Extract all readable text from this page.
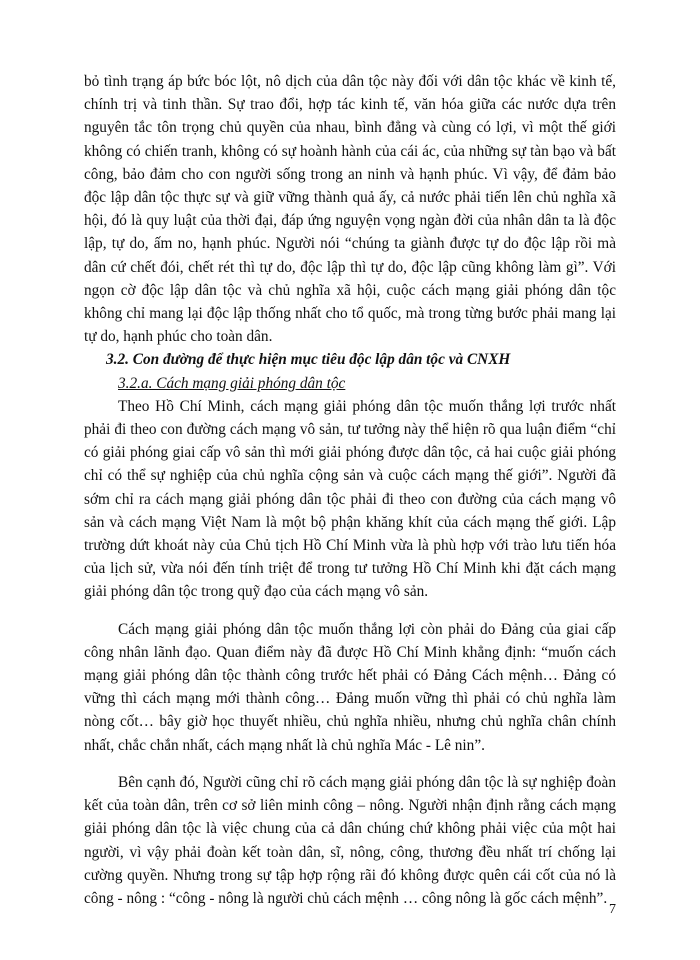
bỏ tình trạng áp bức bóc lột, nô dịch của dân tộc này đối với dân tộc khác về kinh tế, chính trị và tinh thần. Sự trao đổi, hợp tác kinh tế, văn hóa giữa các nước dựa trên nguyên tắc tôn trọng chủ quyền của nhau, bình đẳng và cùng có lợi, vì một thế giới không có chiến tranh, không có sự hoành hành của cái ác, của những sự tàn bạo và bất công, bảo đảm cho con người sống trong an ninh và hạnh phúc. Vì vậy, để đảm bảo độc lập dân tộc thực sự và giữ vững thành quả ấy, cả nước phải tiến lên chủ nghĩa xã hội, đó là quy luật của thời đại, đáp ứng nguyện vọng ngàn đời của nhân dân ta là độc lập, tự do, ấm no, hạnh phúc. Người nói “chúng ta giành được tự do độc lập rồi mà dân cứ chết đói, chết rét thì tự do, độc lập thì tự do, độc lập cũng không làm gì”. Với ngọn cờ độc lập dân tộc và chủ nghĩa xã hội, cuộc cách mạng giải phóng dân tộc không chỉ mang lại độc lập thống nhất cho tổ quốc, mà trong từng bước phải mang lại tự do, hạnh phúc cho toàn dân.

3.2. Con đường để thực hiện mục tiêu độc lập dân tộc và CNXH

3.2.a. Cách mạng giải phóng dân tộc

Theo Hồ Chí Minh, cách mạng giải phóng dân tộc muốn thắng lợi trước nhất phải đi theo con đường cách mạng vô sản, tư tưởng này thể hiện rõ qua luận điểm “chỉ có giải phóng giai cấp vô sản thì mới giải phóng được dân tộc, cả hai cuộc giải phóng chỉ có thể sự nghiệp của chủ nghĩa cộng sản và cuộc cách mạng thế giới”. Người đã sớm chỉ ra cách mạng giải phóng dân tộc phải đi theo con đường của cách mạng vô sản và cách mạng Việt Nam là một bộ phận khăng khít của cách mạng thế giới. Lập trường dứt khoát này của Chủ tịch Hồ Chí Minh vừa là phù hợp với trào lưu tiến hóa của lịch sử, vừa nói đến tính triệt để trong tư tưởng Hồ Chí Minh khi đặt cách mạng giải phóng dân tộc trong quỹ đạo của cách mạng vô sản.

Cách mạng giải phóng dân tộc muốn thắng lợi còn phải do Đảng của giai cấp công nhân lãnh đạo. Quan điểm này đã được Hồ Chí Minh khẳng định: “muốn cách mạng giải phóng dân tộc thành công trước hết phải có Đảng Cách mệnh… Đảng có vững thì cách mạng mới thành công… Đảng muốn vững thì phải có chủ nghĩa làm nòng cốt… bây giờ học thuyết nhiều, chủ nghĩa nhiều, nhưng chủ nghĩa chân chính nhất, chắc chắn nhất, cách mạng nhất là chủ nghĩa Mác - Lê nin”.

Bên cạnh đó, Người cũng chỉ rõ cách mạng giải phóng dân tộc là sự nghiệp đoàn kết của toàn dân, trên cơ sở liên minh công – nông. Người nhận định rằng cách mạng giải phóng dân tộc là việc chung của cả dân chúng chứ không phải việc của một hai người, vì vậy phải đoàn kết toàn dân, sĩ, nông, công, thương đều nhất trí chống lại cường quyền. Nhưng trong sự tập hợp rộng rãi đó không được quên cái cốt của nó là công - nông : “công - nông là người chủ cách mệnh … công nông là gốc cách mệnh”.

7
